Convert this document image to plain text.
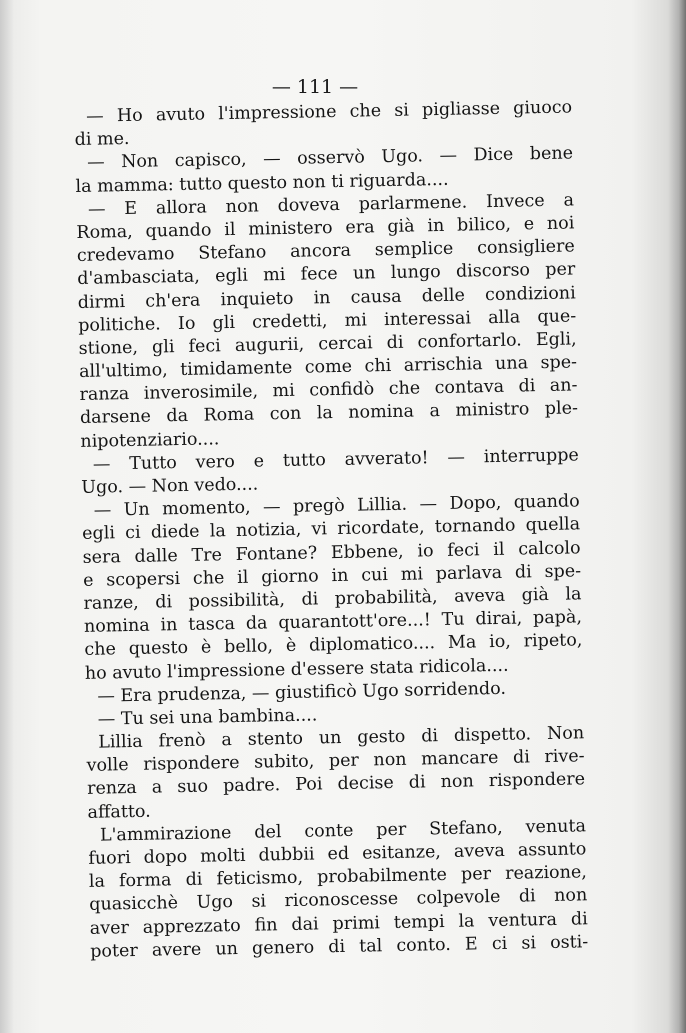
— 111 —
— Ho avuto l'impressione che si pigliasse giuoco
di me.
— Non capisco, — osservò Ugo. — Dice bene
la mamma: tutto questo non ti riguarda....
— E allora non doveva parlarmene. Invece a
Roma, quando il ministero era già in bilico, e noi
credevamo Stefano ancora semplice consigliere
d'ambasciata, egli mi fece un lungo discorso per
dirmi ch'era inquieto in causa delle condizioni
politiche. Io gli credetti, mi interessai alla que-
stione, gli feci augurii, cercai di confortarlo. Egli,
all'ultimo, timidamente come chi arrischia una spe-
ranza inverosimile, mi confidò che contava di an-
darsene da Roma con la nomina a ministro ple-
nipotenziario....
— Tutto vero e tutto avverato! — interruppe
Ugo. — Non vedo....
— Un momento, — pregò Lillia. — Dopo, quando
egli ci diede la notizia, vi ricordate, tornando quella
sera dalle Tre Fontane? Ebbene, io feci il calcolo
e scopersi che il giorno in cui mi parlava di spe-
ranze, di possibilità, di probabilità, aveva già la
nomina in tasca da quarantott'ore...! Tu dirai, papà,
che questo è bello, è diplomatico.... Ma io, ripeto,
ho avuto l'impressione d'essere stata ridicola....
— Era prudenza, — giustificò Ugo sorridendo.
— Tu sei una bambina....
Lillia frenò a stento un gesto di dispetto. Non
volle rispondere subito, per non mancare di rive-
renza a suo padre. Poi decise di non rispondere
affatto.
L'ammirazione del conte per Stefano, venuta
fuori dopo molti dubbii ed esitanze, aveva assunto
la forma di feticismo, probabilmente per reazione,
quasicchè Ugo si riconoscesse colpevole di non
aver apprezzato fin dai primi tempi la ventura di
poter avere un genero di tal conto. E ci si osti-
